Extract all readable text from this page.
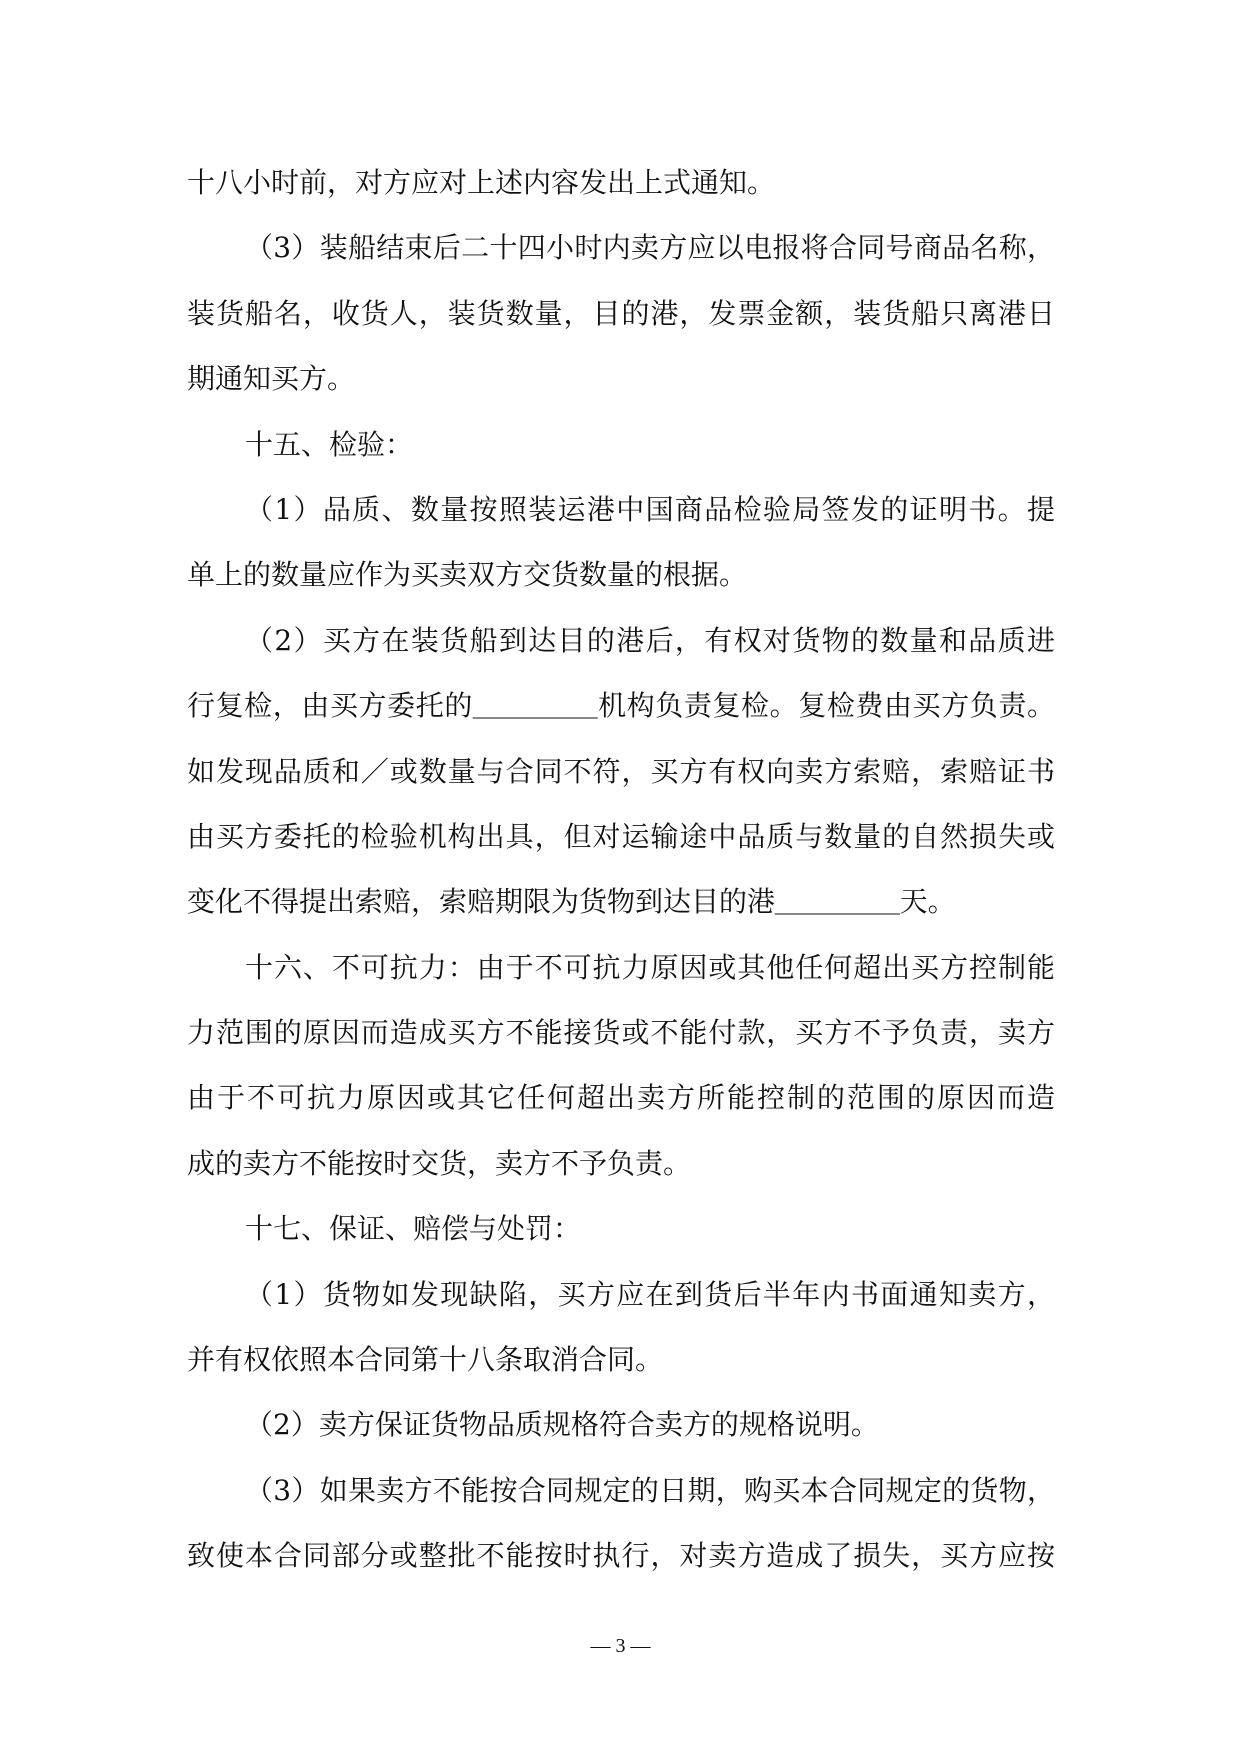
十八小时前，对方应对上述内容发出上式通知。
（3）装船结束后二十四小时内卖方应以电报将合同号商品名称，
装货船名，收货人，装货数量，目的港，发票金额，装货船只离港日
期通知买方。
十五、检验：
（1）品质、数量按照装运港中国商品检验局签发的证明书。提
单上的数量应作为买卖双方交货数量的根据。
（2）买方在装货船到达目的港后，有权对货物的数量和品质进
行复检，由买方委托的________机构负责复检。复检费由买方负责。
如发现品质和／或数量与合同不符，买方有权向卖方索赔，索赔证书
由买方委托的检验机构出具，但对运输途中品质与数量的自然损失或
变化不得提出索赔，索赔期限为货物到达目的港________天。
十六、不可抗力：由于不可抗力原因或其他任何超出买方控制能
力范围的原因而造成买方不能接货或不能付款，买方不予负责，卖方
由于不可抗力原因或其它任何超出卖方所能控制的范围的原因而造
成的卖方不能按时交货，卖方不予负责。
十七、保证、赔偿与处罚：
（1）货物如发现缺陷，买方应在到货后半年内书面通知卖方，
并有权依照本合同第十八条取消合同。
（2）卖方保证货物品质规格符合卖方的规格说明。
（3）如果卖方不能按合同规定的日期，购买本合同规定的货物，
致使本合同部分或整批不能按时执行，对卖方造成了损失，买方应按
— 3 —
